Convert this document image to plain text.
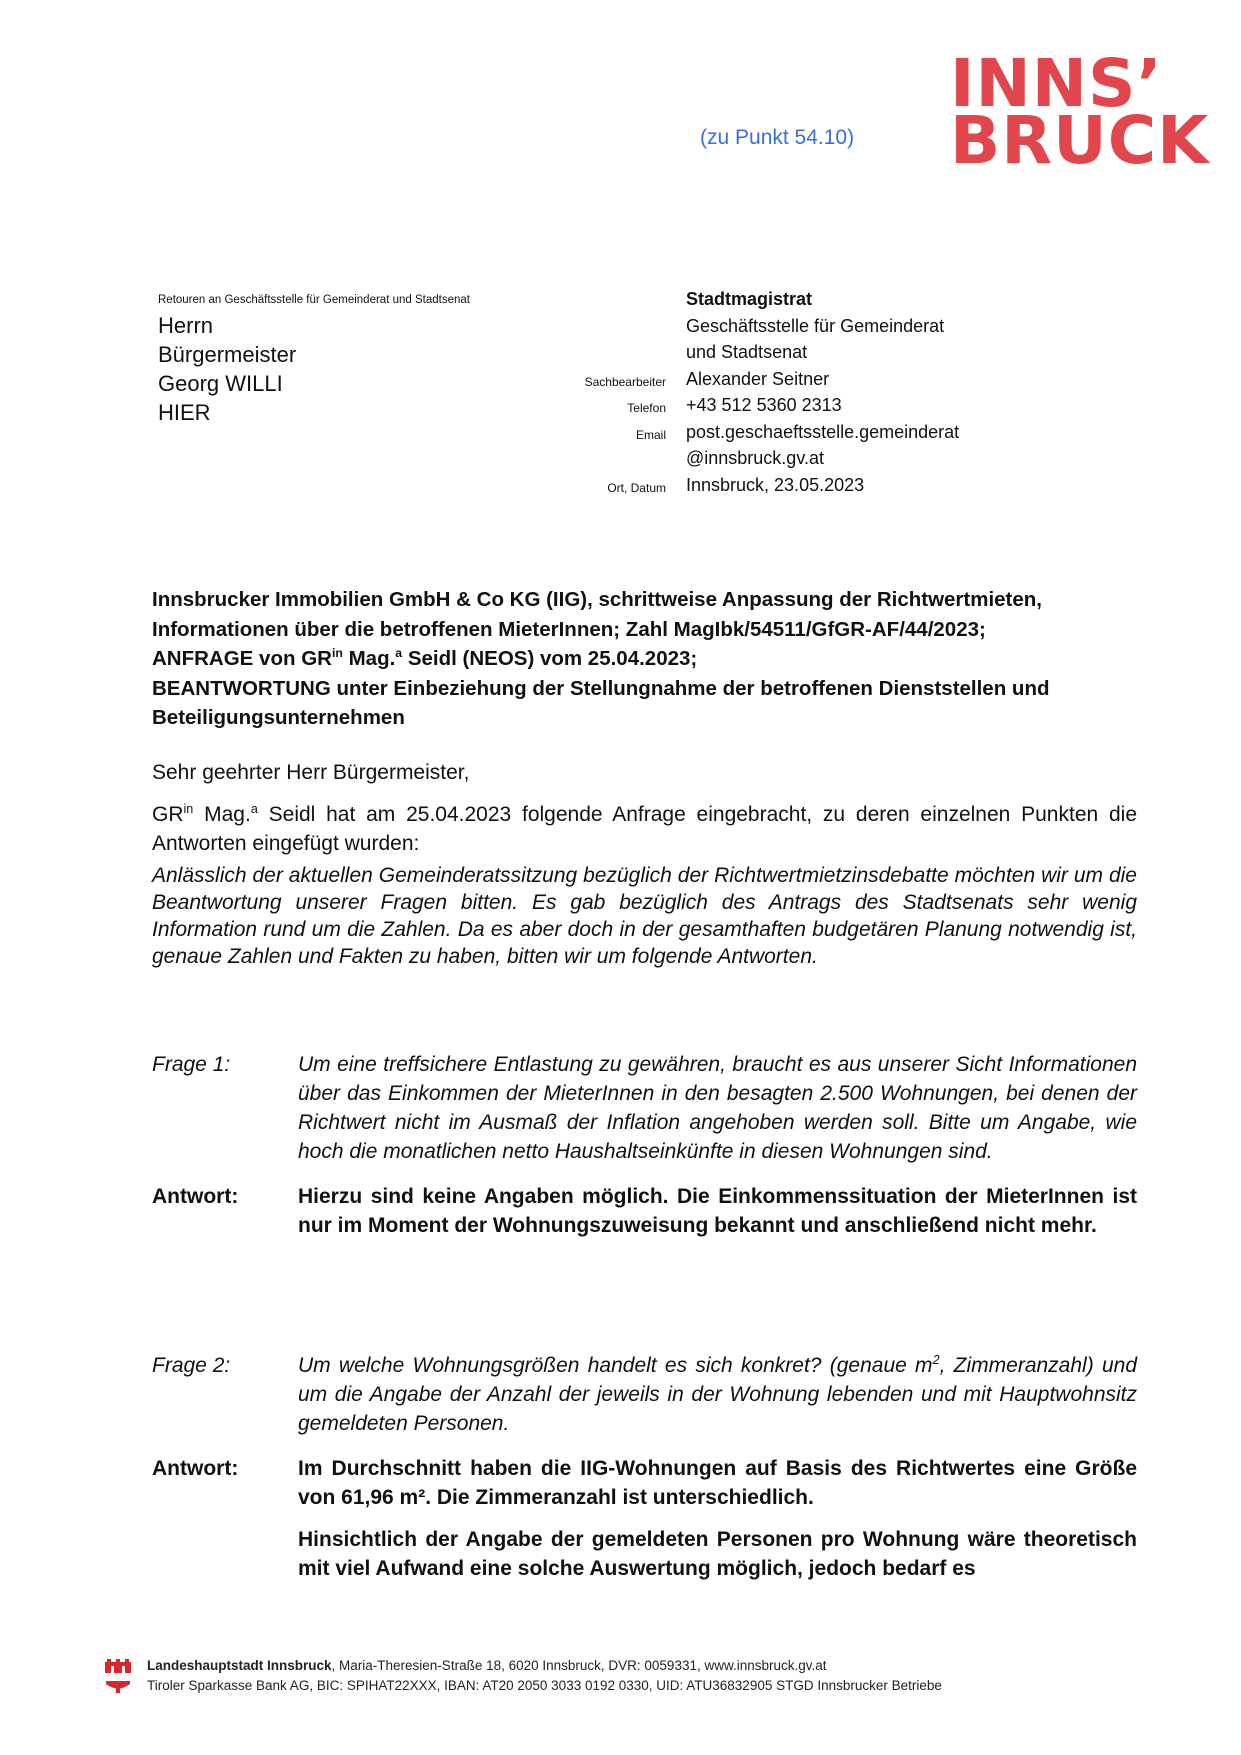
(zu Punkt 54.10)
INNS’
BRUCK
Retouren an Geschäftsstelle für Gemeinderat und Stadtsenat
Herrn
Bürgermeister
Georg WILLI
HIER
Stadtmagistrat
Geschäftsstelle für Gemeinderat
und Stadtsenat
Sachbearbeiter	Alexander Seitner
Telefon	+43 512 5360 2313
Email	post.geschaeftsstelle.gemeinderat
@innsbruck.gv.at
Ort, Datum	Innsbruck, 23.05.2023
Innsbrucker Immobilien GmbH & Co KG (IIG), schrittweise Anpassung der Richtwertmieten, Informationen über die betroffenen MieterInnen; Zahl MagIbk/54511/GfGR-AF/44/2023;
ANFRAGE von $GR^{in}$ Mag.$^a$ Seidl (NEOS) vom 25.04.2023;
BEANTWORTUNG unter Einbeziehung der Stellungnahme der betroffenen Dienststellen und Beteiligungsunternehmen
Sehr geehrter Herr Bürgermeister,
$GR^{in}$ Mag.$^a$ Seidl hat am 25.04.2023 folgende Anfrage eingebracht, zu deren einzelnen Punkten die Antworten eingefügt wurden:
Anlässlich der aktuellen Gemeinderatssitzung bezüglich der Richtwertmietzinsdebatte möchten wir um die Beantwortung unserer Fragen bitten. Es gab bezüglich des Antrags des Stadtsenats sehr wenig Information rund um die Zahlen. Da es aber doch in der gesamthaften budgetären Planung notwendig ist, genaue Zahlen und Fakten zu haben, bitten wir um folgende Antworten.
Frage 1:	Um eine treffsichere Entlastung zu gewähren, braucht es aus unserer Sicht Informationen über das Einkommen der MieterInnen in den besagten 2.500 Wohnungen, bei denen der Richtwert nicht im Ausmaß der Inflation angehoben werden soll. Bitte um Angabe, wie hoch die monatlichen netto Haushaltseinkünfte in diesen Wohnungen sind.
Antwort:	Hierzu sind keine Angaben möglich. Die Einkommenssituation der MieterInnen ist nur im Moment der Wohnungszuweisung bekannt und anschließend nicht mehr.
Frage 2:	Um welche Wohnungsgrößen handelt es sich konkret? (genaue $m^2$, Zimmeranzahl) und um die Angabe der Anzahl der jeweils in der Wohnung lebenden und mit Hauptwohnsitz gemeldeten Personen.
Antwort:	Im Durchschnitt haben die IIG-Wohnungen auf Basis des Richtwertes eine Größe von 61,96 m². Die Zimmeranzahl ist unterschiedlich.

Hinsichtlich der Angabe der gemeldeten Personen pro Wohnung wäre theoretisch mit viel Aufwand eine solche Auswertung möglich, jedoch bedarf es

Landeshauptstadt Innsbruck, Maria-Theresien-Straße 18, 6020 Innsbruck, DVR: 0059331, www.innsbruck.gv.at
Tiroler Sparkasse Bank AG, BIC: SPIHAT22XXX, IBAN: AT20 2050 3033 0192 0330, UID: ATU36832905 STGD Innsbrucker Betriebe
